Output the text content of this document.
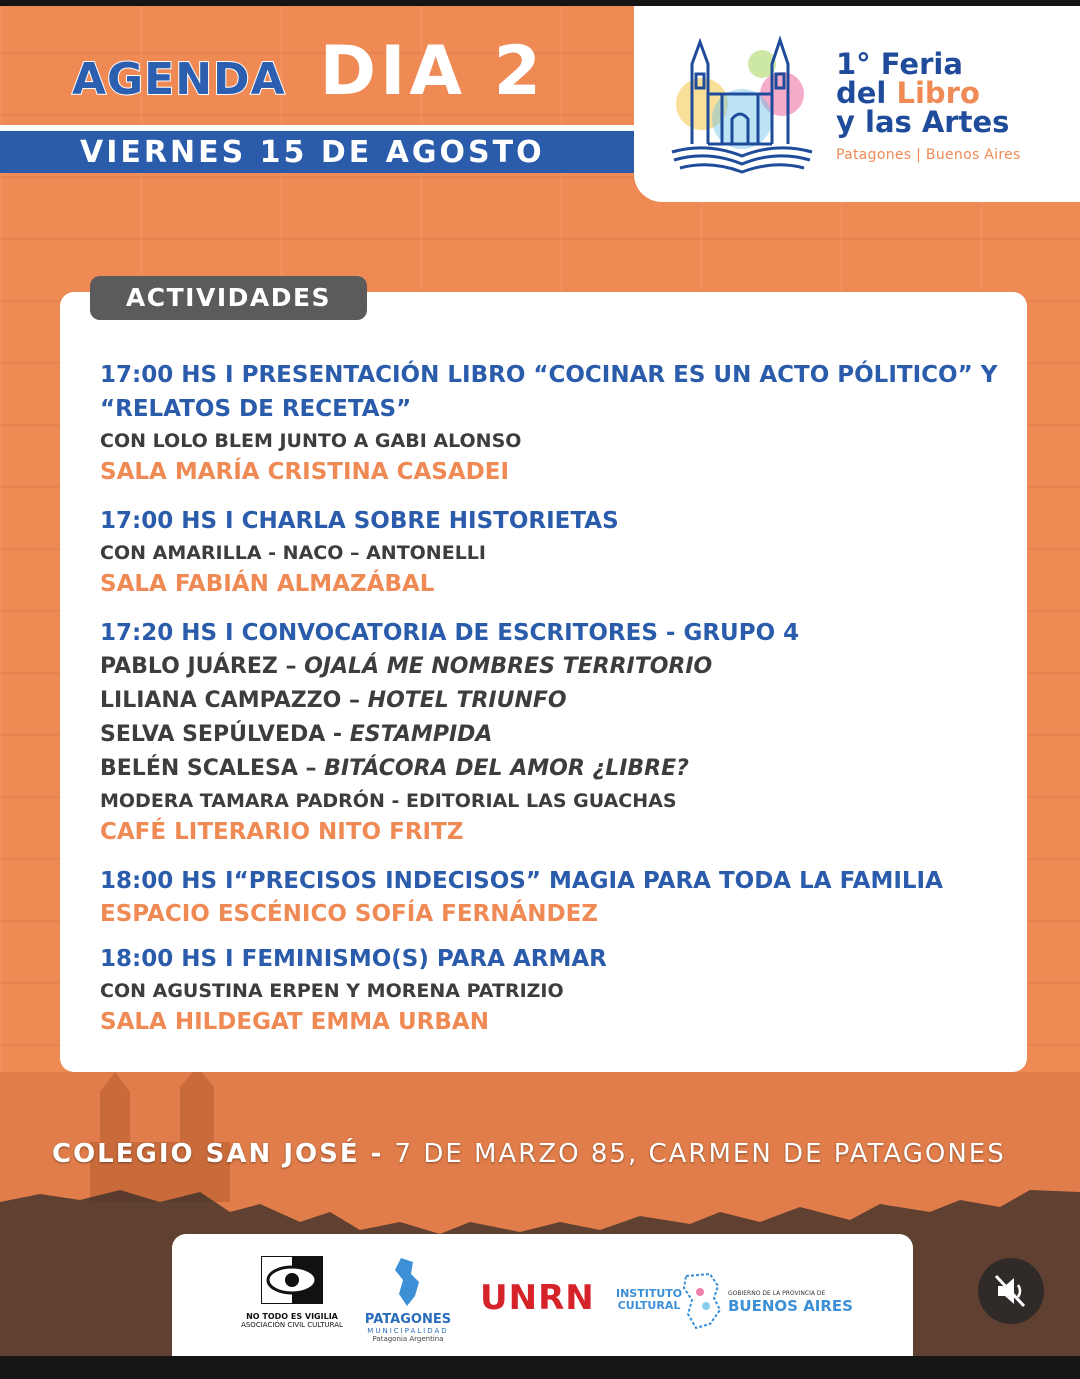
AGENDA DIA 2
VIERNES 15 DE AGOSTO
1° Feria
del Libro
y las Artes
Patagones | Buenos Aires
ACTIVIDADES
17:00 HS I PRESENTACIÓN LIBRO “COCINAR ES UN ACTO PÓLITICO” Y “RELATOS DE RECETAS”
CON LOLO BLEM JUNTO A GABI ALONSO
SALA MARÍA CRISTINA CASADEI
17:00 HS I CHARLA SOBRE HISTORIETAS
CON AMARILLA - NACO – ANTONELLI
SALA FABIÁN ALMAZÁBAL
17:20 HS I CONVOCATORIA DE ESCRITORES - GRUPO 4
PABLO JUÁREZ – OJALÁ ME NOMBRES TERRITORIO
LILIANA CAMPAZZO – HOTEL TRIUNFO
SELVA SEPÚLVEDA - ESTAMPIDA
BELÉN SCALESA – BITÁCORA DEL AMOR ¿LIBRE?
MODERA TAMARA PADRÓN - EDITORIAL LAS GUACHAS
CAFÉ LITERARIO NITO FRITZ
18:00 HS I“PRECISOS INDECISOS” MAGIA PARA TODA LA FAMILIA
ESPACIO ESCÉNICO SOFÍA FERNÁNDEZ
18:00 HS I FEMINISMO(S) PARA ARMAR
CON AGUSTINA ERPEN Y MORENA PATRIZIO
SALA HILDEGAT EMMA URBAN
COLEGIO SAN JOSÉ - 7 DE MARZO 85, CARMEN DE PATAGONES
NO TODO ES VIGILIA
ASOCIACIÓN CIVIL CULTURAL	PATAGONES
MUNICIPALIDAD
Patagonia Argentina
UNRN INSTITUTO
CULTURAL
GOBIERNO DE LA PROVINCIA DE
BUENOS AIRES
